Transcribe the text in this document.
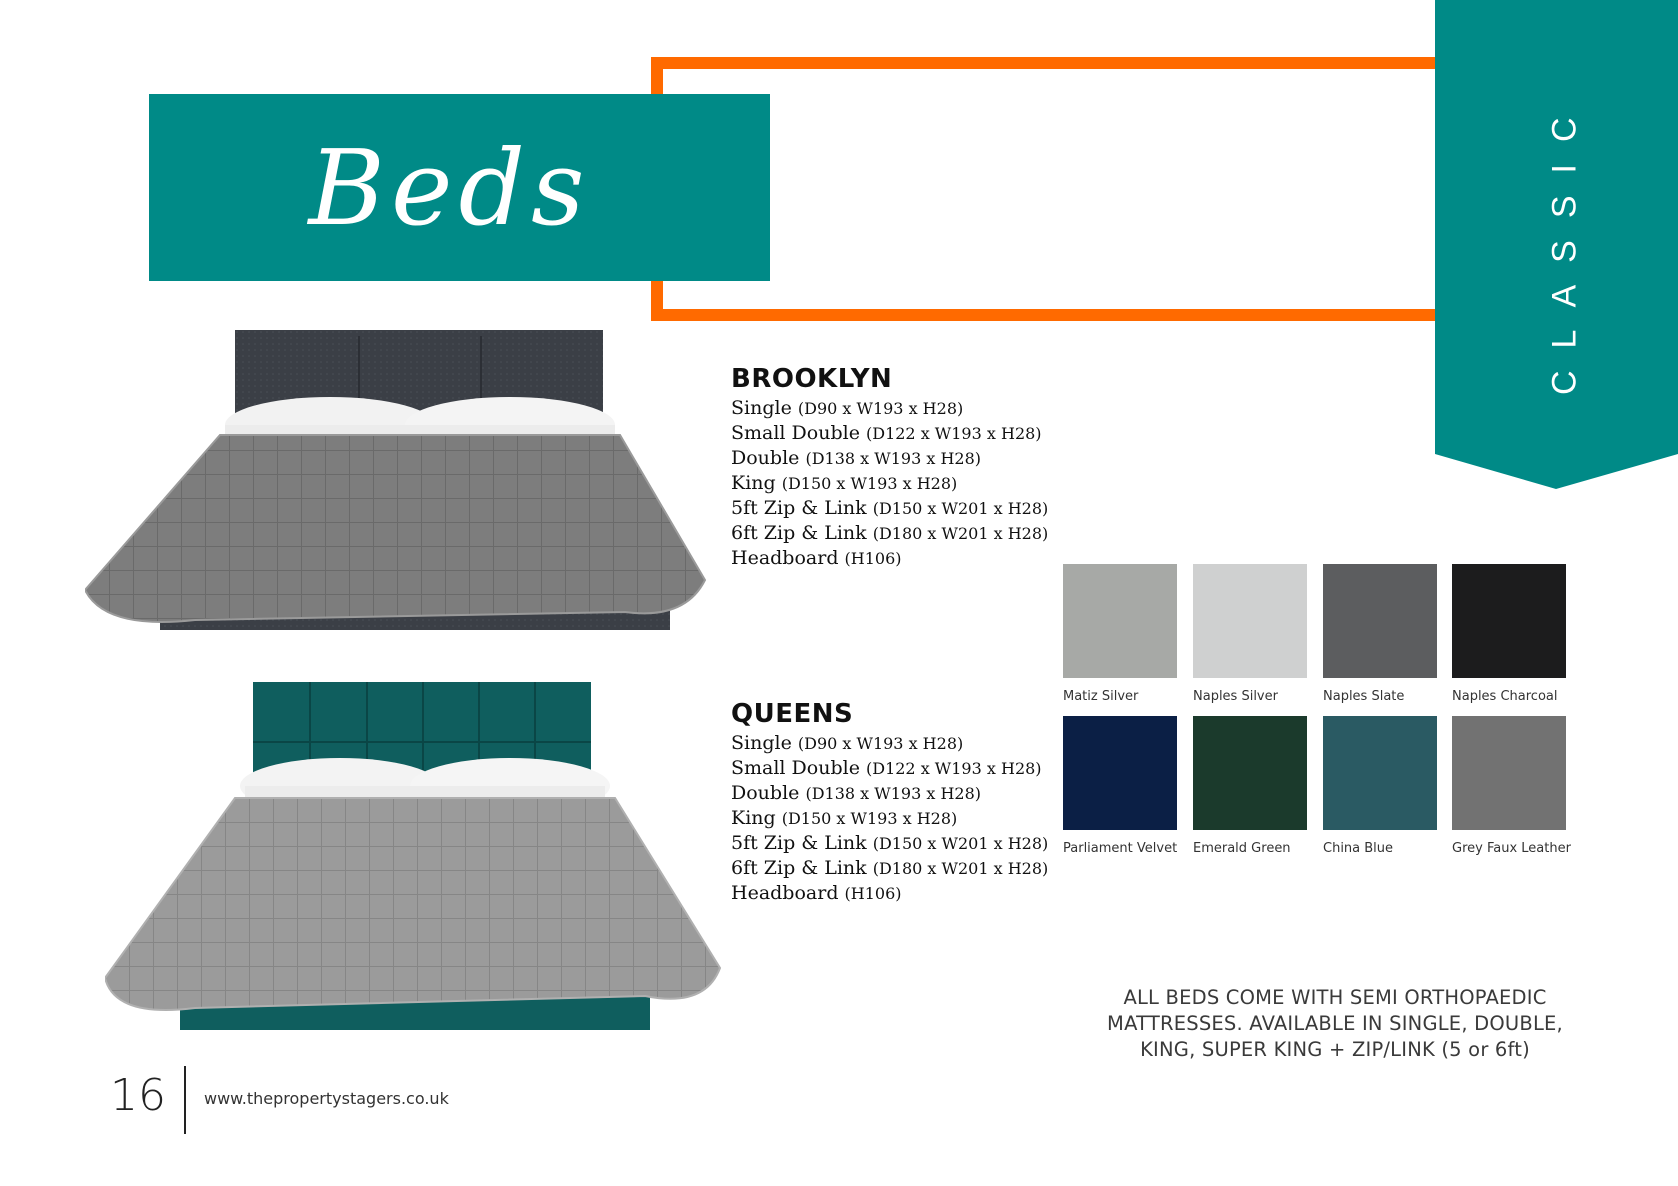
Beds	CLASSIC
BROOKLYN
Single (D90 x W193 x H28)
Small Double (D122 x W193 x H28)
Double (D138 x W193 x H28)
King (D150 x W193 x H28)
5ft Zip & Link (D150 x W201 x H28)
6ft Zip & Link (D180 x W201 x H28)
Headboard (H106)
QUEENS
Single (D90 x W193 x H28)
Small Double (D122 x W193 x H28)
Double (D138 x W193 x H28)
King (D150 x W193 x H28)
5ft Zip & Link (D150 x W201 x H28)
6ft Zip & Link (D180 x W201 x H28)
Headboard (H106)
Matiz Silver	Naples Silver	Naples Slate	Naples Charcoal
Parliament Velvet	Emerald Green	China Blue	Grey Faux Leather
ALL BEDS COME WITH SEMI ORTHOPAEDIC MATTRESSES. AVAILABLE IN SINGLE, DOUBLE, KING, SUPER KING + ZIP/LINK (5 or 6ft)
16 www.thepropertystagers.co.uk
